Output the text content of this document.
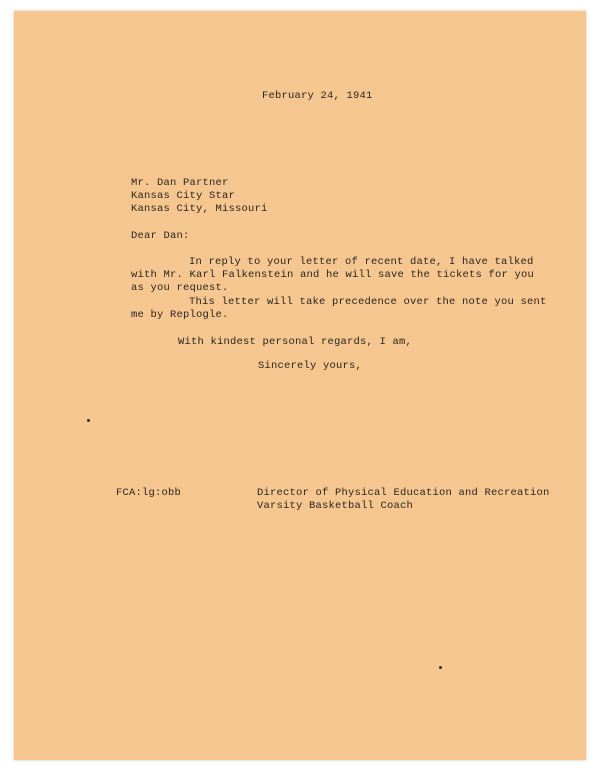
February 24, 1941
Mr. Dan Partner
Kansas City Star
Kansas City, Missouri
Dear Dan:
In reply to your letter of recent date, I have talked
with Mr. Karl Falkenstein and he will save the tickets for you
as you request.
This letter will take precedence over the note you sent
me by Replogle.
With kindest personal regards, I am,
Sincerely yours,
FCA:lg:obb	Director of Physical Education and Recreation
Varsity Basketball Coach
